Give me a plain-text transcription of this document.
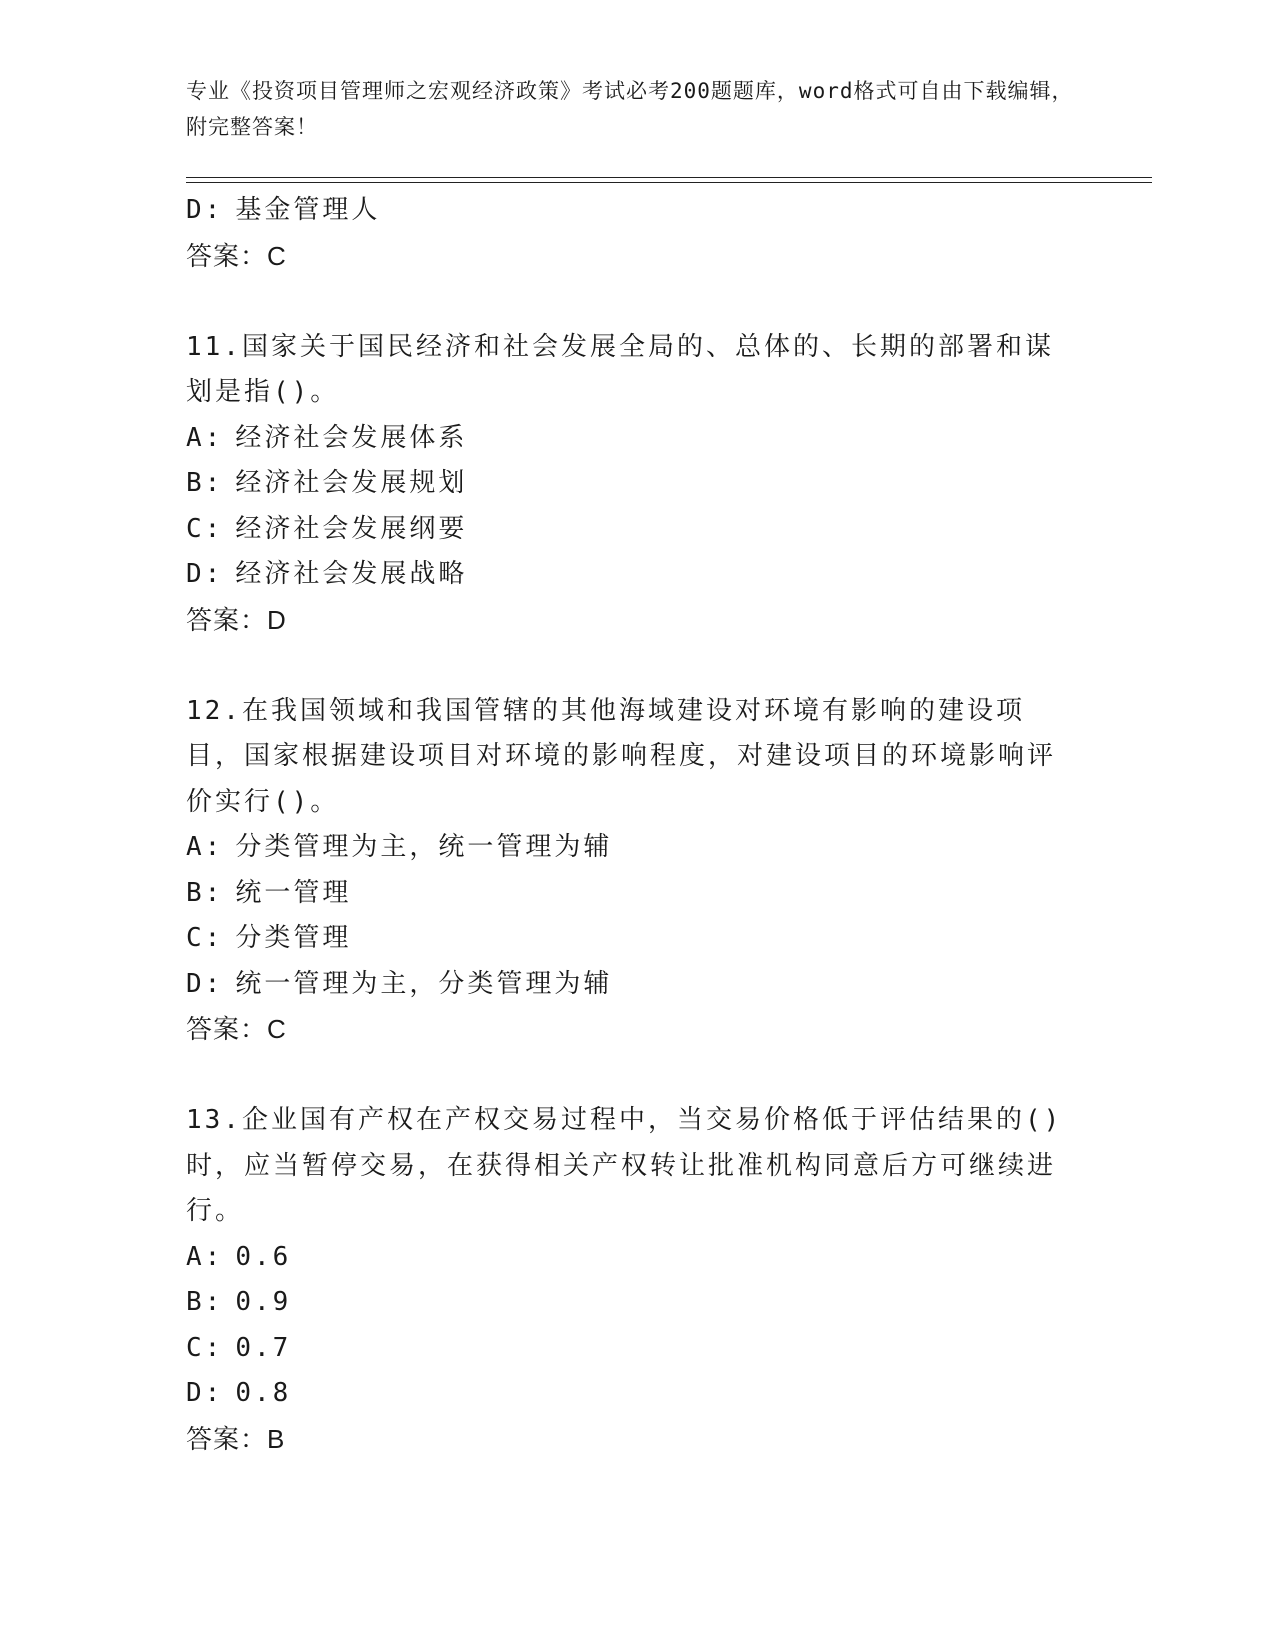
专业《投资项目管理师之宏观经济政策》考试必考200题题库，word格式可自由下载编辑，附完整答案！
D: 基金管理人
答案：C
11.国家关于国民经济和社会发展全局的、总体的、长期的部署和谋划是指()。
A: 经济社会发展体系
B: 经济社会发展规划
C: 经济社会发展纲要
D: 经济社会发展战略
答案：D
12.在我国领域和我国管辖的其他海域建设对环境有影响的建设项目，国家根据建设项目对环境的影响程度，对建设项目的环境影响评价实行()。
A: 分类管理为主，统一管理为辅
B: 统一管理
C: 分类管理
D: 统一管理为主，分类管理为辅
答案：C
13.企业国有产权在产权交易过程中，当交易价格低于评估结果的()时，应当暂停交易，在获得相关产权转让批准机构同意后方可继续进行。
A: 0.6
B: 0.9
C: 0.7
D: 0.8
答案：B
